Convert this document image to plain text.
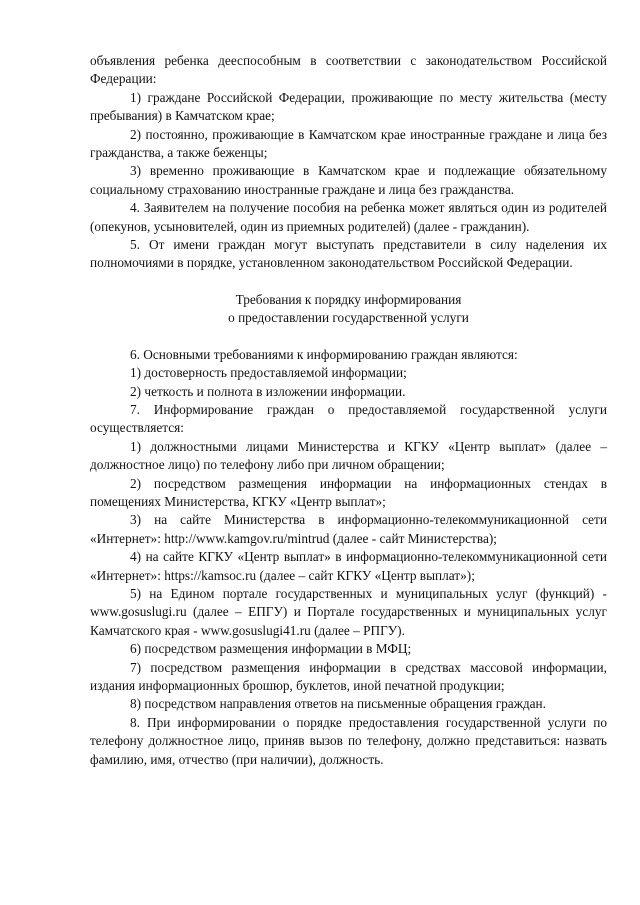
объявления ребенка дееспособным в соответствии с законодательством Российской Федерации:

1) граждане Российской Федерации, проживающие по месту жительства (месту пребывания) в Камчатском крае;

2) постоянно, проживающие в Камчатском крае иностранные граждане и лица без гражданства, а также беженцы;

3) временно проживающие в Камчатском крае и подлежащие обязательному социальному страхованию иностранные граждане и лица без гражданства.

4. Заявителем на получение пособия на ребенка может являться один из родителей (опекунов, усыновителей, один из приемных родителей) (далее - гражданин).

5. От имени граждан могут выступать представители в силу наделения их полномочиями в порядке, установленном законодательством Российской Федерации.

Требования к порядку информирования

о предоставлении государственной услуги

6. Основными требованиями к информированию граждан являются:

1) достоверность предоставляемой информации;

2) четкость и полнота в изложении информации.

7. Информирование граждан о предоставляемой государственной услуги осуществляется:

1) должностными лицами Министерства и КГКУ «Центр выплат» (далее – должностное лицо) по телефону либо при личном обращении;

2) посредством размещения информации на информационных стендах в помещениях Министерства, КГКУ «Центр выплат»;

3) на сайте Министерства в информационно-телекоммуникационной сети «Интернет»: http://www.kamgov.ru/mintrud (далее - сайт Министерства);

4) на сайте КГКУ «Центр выплат» в информационно-телекоммуникационной сети «Интернет»: https://kamsoc.ru (далее – сайт КГКУ «Центр выплат»);

5) на Едином портале государственных и муниципальных услуг (функций) - www.gosuslugi.ru (далее – ЕПГУ) и Портале государственных и муниципальных услуг Камчатского края - www.gosuslugi41.ru (далее – РПГУ).

6) посредством размещения информации в МФЦ;

7) посредством размещения информации в средствах массовой информации, издания информационных брошюр, буклетов, иной печатной продукции;

8) посредством направления ответов на письменные обращения граждан.

8. При информировании о порядке предоставления государственной услуги по телефону должностное лицо, приняв вызов по телефону, должно представиться: назвать фамилию, имя, отчество (при наличии), должность.
